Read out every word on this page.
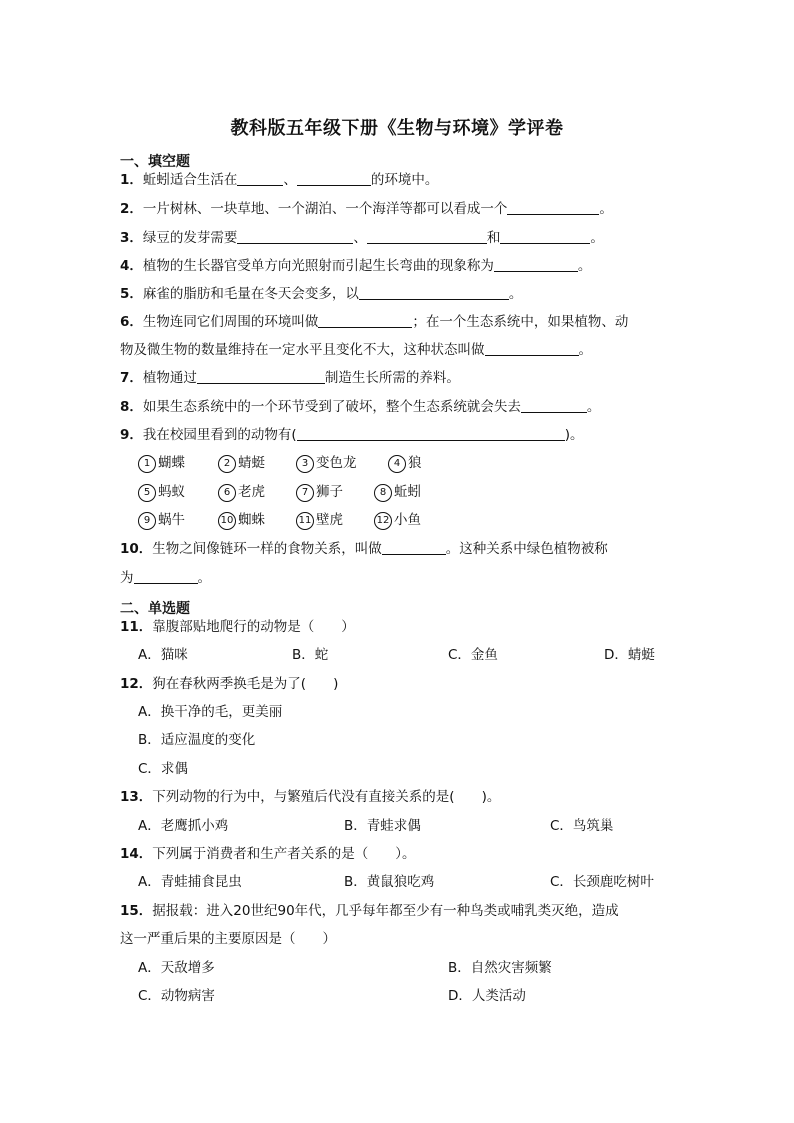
教科版五年级下册《生物与环境》学评卷
一、填空题
1．蚯蚓适合生活在	、	的环境中。
2．一片树林、一块草地、一个湖泊、一个海洋等都可以看成一个	。
3．绿豆的发芽需要	、	和	。
4．植物的生长器官受单方向光照射而引起生长弯曲的现象称为	。
5．麻雀的脂肪和毛量在冬天会变多，以	。
6．生物连同它们周围的环境叫做	；在一个生态系统中，如果植物、动
物及微生物的数量维持在一定水平且变化不大，这种状态叫做	。
7．植物通过	制造生长所需的养料。
8．如果生态系统中的一个环节受到了破坏，整个生态系统就会失去	。
9．我在校园里看到的动物有(	)。
1 蝴蝶	2 蜻蜓	3 变色龙	4 狼
5 蚂蚁	6 老虎	7 狮子	8 蚯蚓
9 蜗牛	10 蜘蛛	11 壁虎	12 小鱼
10．生物之间像链环一样的食物关系，叫做	。这种关系中绿色植物被称
为	。
二、单选题
11．靠腹部贴地爬行的动物是（　　）
A．猫咪	B．蛇	C．金鱼	D．蜻蜓
12．狗在春秋两季换毛是为了(　　)
A．换干净的毛，更美丽
B．适应温度的变化
C．求偶
13．下列动物的行为中，与繁殖后代没有直接关系的是(　　)。
A．老鹰抓小鸡	B．青蛙求偶	C．鸟筑巢
14．下列属于消费者和生产者关系的是（　　）。
A．青蛙捕食昆虫	B．黄鼠狼吃鸡	C．长颈鹿吃树叶
15．据报载：进入20世纪90年代，几乎每年都至少有一种鸟类或哺乳类灭绝，造成
这一严重后果的主要原因是（　　）
A．天敌增多	B．自然灾害频繁
C．动物病害	D．人类活动
